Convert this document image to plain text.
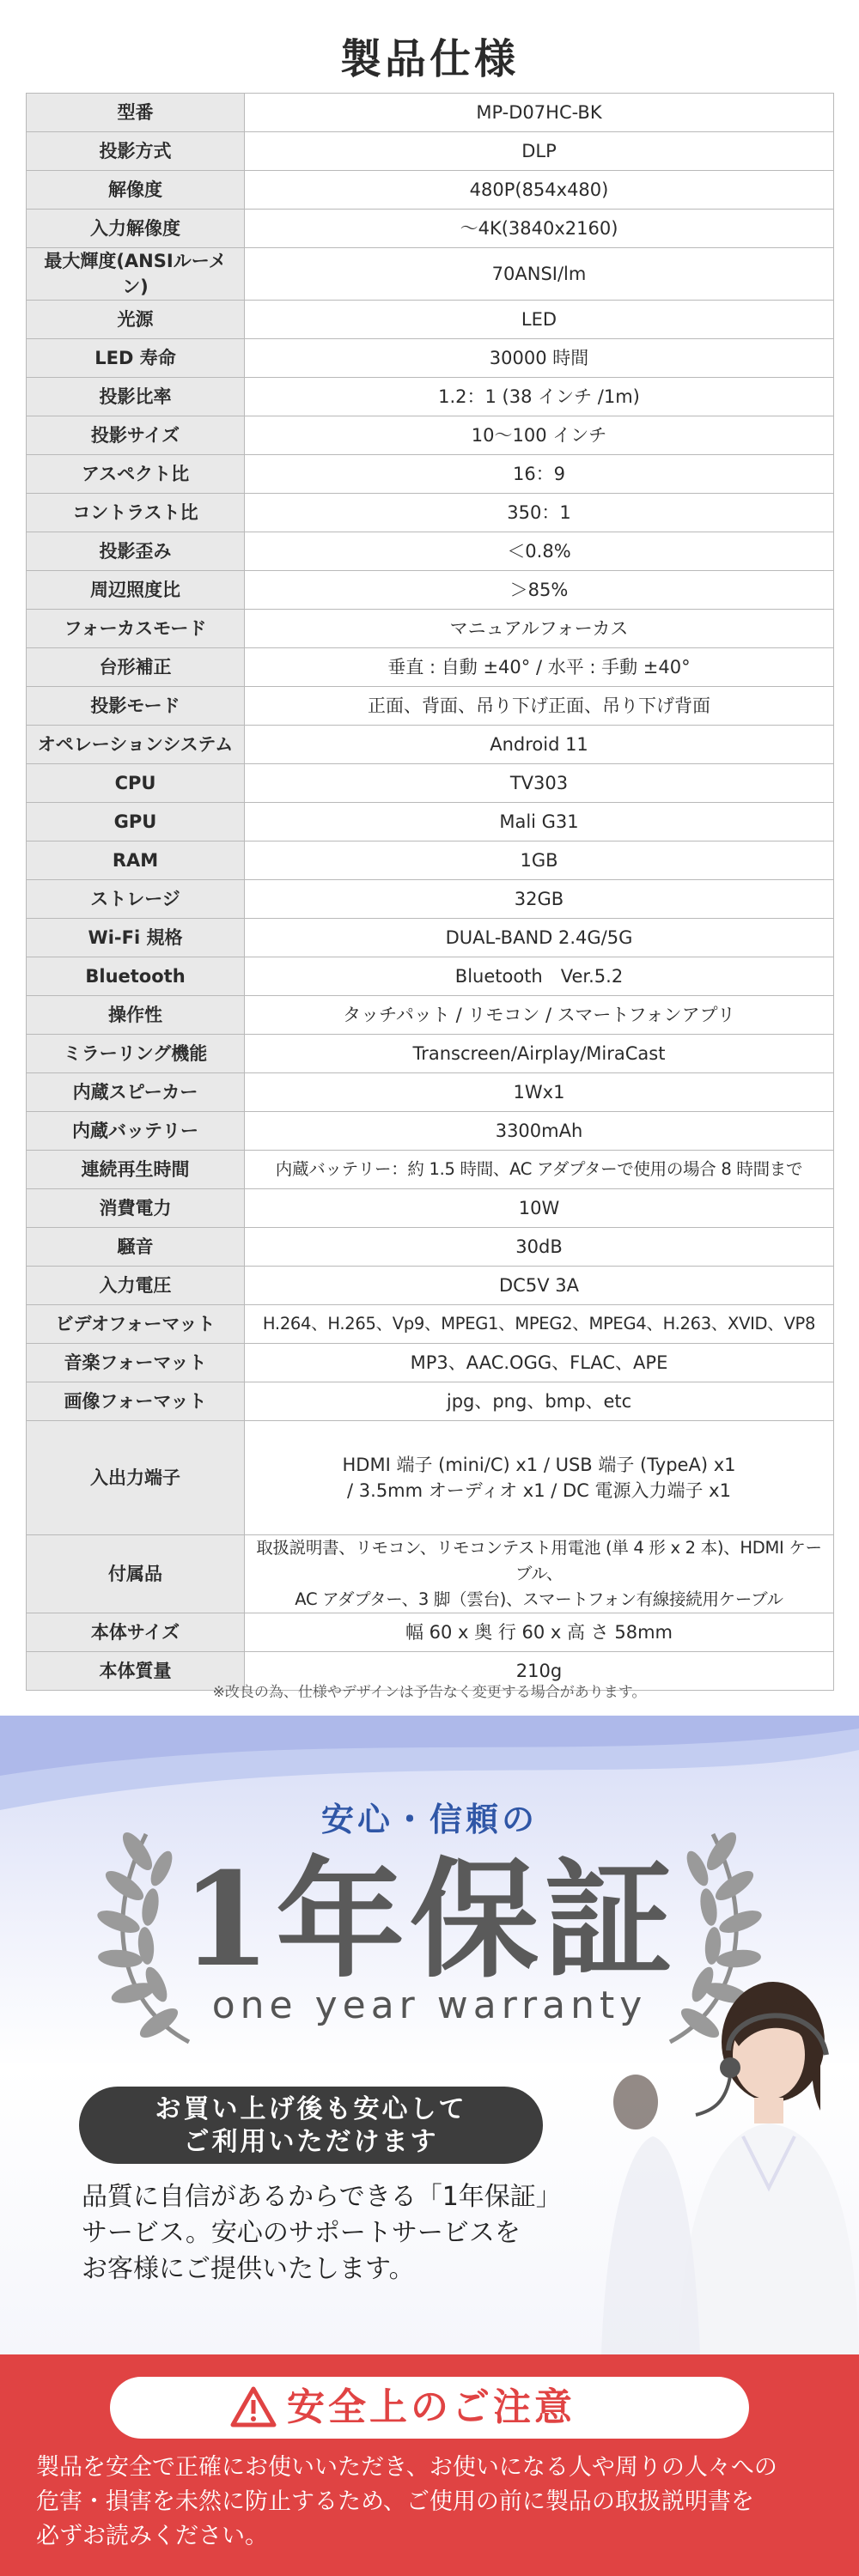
製品仕様
型番	MP-D07HC-BK
投影方式	DLP
解像度	480P(854x480)
入力解像度	～4K(3840x2160)
最大輝度(ANSIルーメン)	70ANSI/lm
光源	LED
LED 寿命	30000 時間
投影比率	1.2：1 (38 インチ /1m)
投影サイズ	10～100 インチ
アスペクト比	16：9
コントラスト比	350：1
投影歪み	＜0.8%
周辺照度比	＞85%
フォーカスモード	マニュアルフォーカス
台形補正	垂直 : 自動 ±40° / 水平 : 手動 ±40°
投影モード	正面、背面、吊り下げ正面、吊り下げ背面
オペレーションシステム	Android 11
CPU	TV303
GPU	Mali G31
RAM	1GB
ストレージ	32GB
Wi-Fi 規格	DUAL-BAND 2.4G/5G
Bluetooth	Bluetooth　Ver.5.2
操作性	タッチパット / リモコン / スマートフォンアプリ
ミラーリング機能	Transcreen/Airplay/MiraCast
内蔵スピーカー	1Wx1
内蔵バッテリー	3300mAh
連続再生時間	内蔵バッテリー：約 1.5 時間、AC アダプターで使用の場合 8 時間まで
消費電力	10W
騒音	30dB
入力電圧	DC5V 3A
ビデオフォーマット	H.264、H.265、Vp9、MPEG1、MPEG2、MPEG4、H.263、XVID、VP8
音楽フォーマット	MP3、AAC.OGG、FLAC、APE
画像フォーマット	jpg、png、bmp、etc
入出力端子	HDMI 端子 (mini/C) x1 / USB 端子 (TypeA) x1
/ 3.5mm オーディオ x1 / DC 電源入力端子 x1

付属品	取扱説明書、リモコン、リモコンテスト用電池 (単 4 形 x 2 本)、HDMI ケーブル、
AC アダプター、3 脚（雲台)、スマートフォン有線接続用ケーブル

本体サイズ	幅 60 x 奥 行 60 x 高 さ 58mm
本体質量	210g
※改良の為、仕様やデザインは予告なく変更する場合があります。
安心・信頼の
1年保証
one year warranty
お買い上げ後も安心して
ご利用いただけます
品質に自信があるからできる「1年保証」
サービス。安心のサポートサービスを
お客様にご提供いたします。
安全上のご注意
製品を安全で正確にお使いいただき、お使いになる人や周りの人々への
危害・損害を未然に防止するため、ご使用の前に製品の取扱説明書を
必ずお読みください。
